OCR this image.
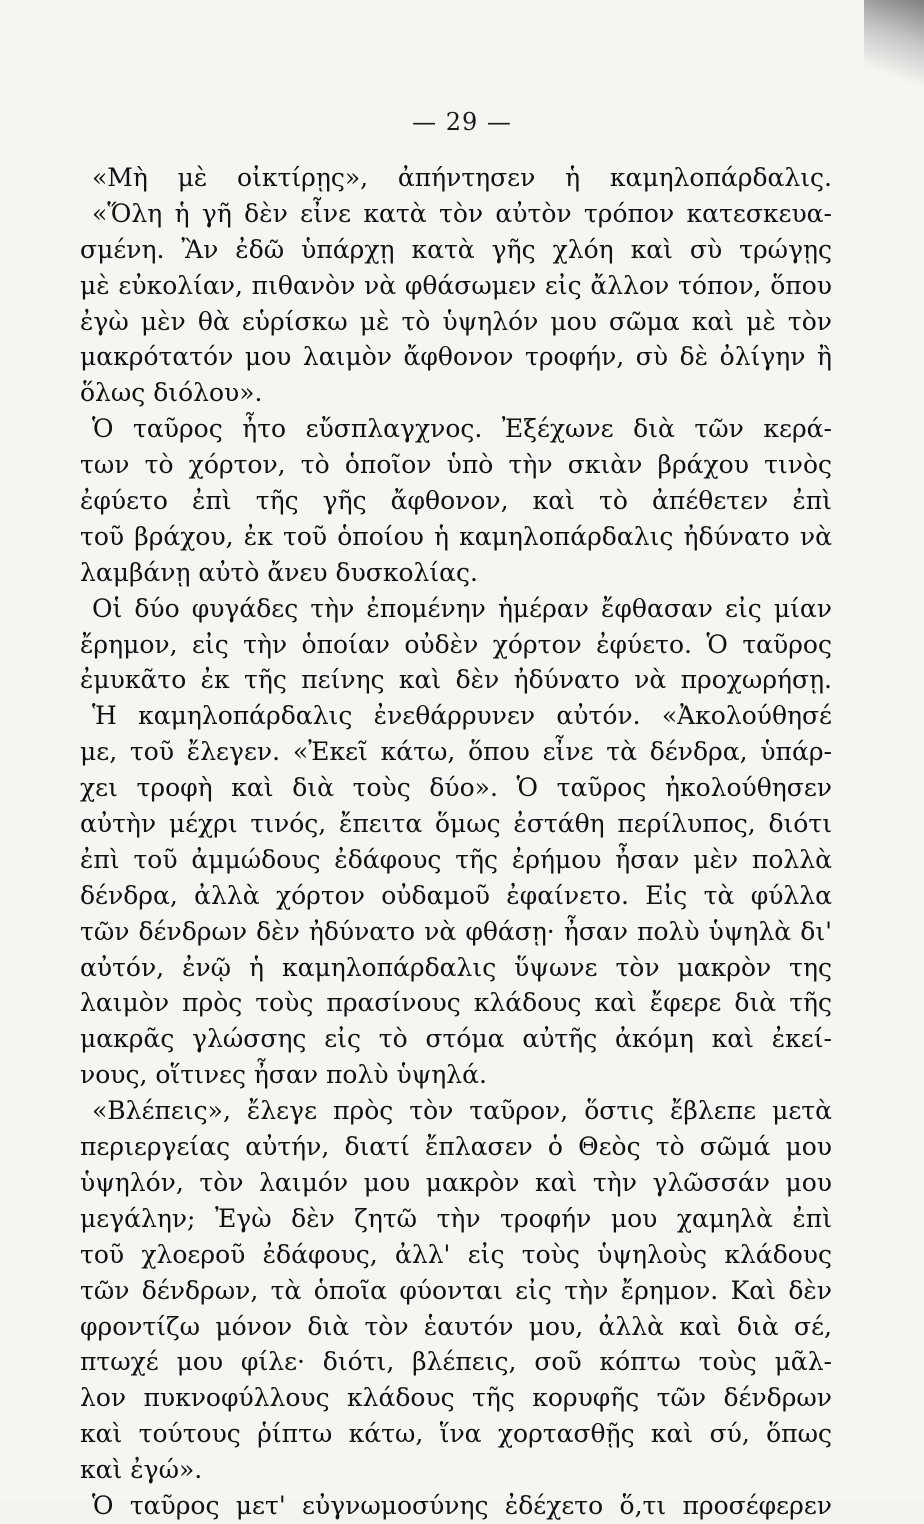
— 29 —
«Μὴ μὲ οἰκτίρῃς», ἀπήντησεν ἡ καμηλοπάρδαλις.
«Ὅλη ἡ γῆ δὲν εἶνε κατὰ τὸν αὐτὸν τρόπον κατεσκευα-
σμένη. Ἂν ἐδῶ ὑπάρχῃ κατὰ γῆς χλόη καὶ σὺ τρώγῃς
μὲ εὐκολίαν, πιθανὸν νὰ φθάσωμεν εἰς ἄλλον τόπον, ὅπου
ἐγὼ μὲν θὰ εὑρίσκω μὲ τὸ ὑψηλόν μου σῶμα καὶ μὲ τὸν
μακρότατόν μου λαιμὸν ἄφθονον τροφήν, σὺ δὲ ὀλίγην ἢ
ὅλως διόλου».
Ὁ ταῦρος ἦτο εὔσπλαγχνος. Ἐξέχωνε διὰ τῶν κερά-
των τὸ χόρτον, τὸ ὁποῖον ὑπὸ τὴν σκιὰν βράχου τινὸς
ἐφύετο ἐπὶ τῆς γῆς ἄφθονον, καὶ τὸ ἀπέθετεν ἐπὶ
τοῦ βράχου, ἐκ τοῦ ὁποίου ἡ καμηλοπάρδαλις ἠδύνατο νὰ
λαμβάνῃ αὐτὸ ἄνευ δυσκολίας.
Οἱ δύο φυγάδες τὴν ἐπομένην ἡμέραν ἔφθασαν εἰς μίαν
ἔρημον, εἰς τὴν ὁποίαν οὐδὲν χόρτον ἐφύετο. Ὁ ταῦρος
ἐμυκᾶτο ἐκ τῆς πείνης καὶ δὲν ἠδύνατο νὰ προχωρήσῃ.
Ἡ καμηλοπάρδαλις ἐνεθάρρυνεν αὐτόν. «Ἀκολούθησέ
με, τοῦ ἔλεγεν. «Ἐκεῖ κάτω, ὅπου εἶνε τὰ δένδρα, ὑπάρ-
χει τροφὴ καὶ διὰ τοὺς δύο». Ὁ ταῦρος ἠκολούθησεν
αὐτὴν μέχρι τινός, ἔπειτα ὅμως ἐστάθη περίλυπος, διότι
ἐπὶ τοῦ ἀμμώδους ἐδάφους τῆς ἐρήμου ἦσαν μὲν πολλὰ
δένδρα, ἀλλὰ χόρτον οὐδαμοῦ ἐφαίνετο. Εἰς τὰ φύλλα
τῶν δένδρων δὲν ἠδύνατο νὰ φθάσῃ· ἦσαν πολὺ ὑψηλὰ δι'
αὐτόν, ἐνῷ ἡ καμηλοπάρδαλις ὕψωνε τὸν μακρὸν της
λαιμὸν πρὸς τοὺς πρασίνους κλάδους καὶ ἔφερε διὰ τῆς
μακρᾶς γλώσσης εἰς τὸ στόμα αὐτῆς ἀκόμη καὶ ἐκεί-
νους, οἵτινες ἦσαν πολὺ ὑψηλά.
«Βλέπεις», ἔλεγε πρὸς τὸν ταῦρον, ὅστις ἔβλεπε μετὰ
περιεργείας αὐτήν, διατί ἔπλασεν ὁ Θεὸς τὸ σῶμά μου
ὑψηλόν, τὸν λαιμόν μου μακρὸν καὶ τὴν γλῶσσάν μου
μεγάλην; Ἐγὼ δὲν ζητῶ τὴν τροφήν μου χαμηλὰ ἐπὶ
τοῦ χλοεροῦ ἐδάφους, ἀλλ' εἰς τοὺς ὑψηλοὺς κλάδους
τῶν δένδρων, τὰ ὁποῖα φύονται εἰς τὴν ἔρημον. Καὶ δὲν
φροντίζω μόνον διὰ τὸν ἑαυτόν μου, ἀλλὰ καὶ διὰ σέ,
πτωχέ μου φίλε· διότι, βλέπεις, σοῦ κόπτω τοὺς μᾶλ-
λον πυκνοφύλλους κλάδους τῆς κορυφῆς τῶν δένδρων
καὶ τούτους ῥίπτω κάτω, ἵνα χορτασθῇς καὶ σύ, ὅπως
καὶ ἐγώ».
Ὁ ταῦρος μετ' εὐγνωμοσύνης ἐδέχετο ὅ,τι προσέφερεν
